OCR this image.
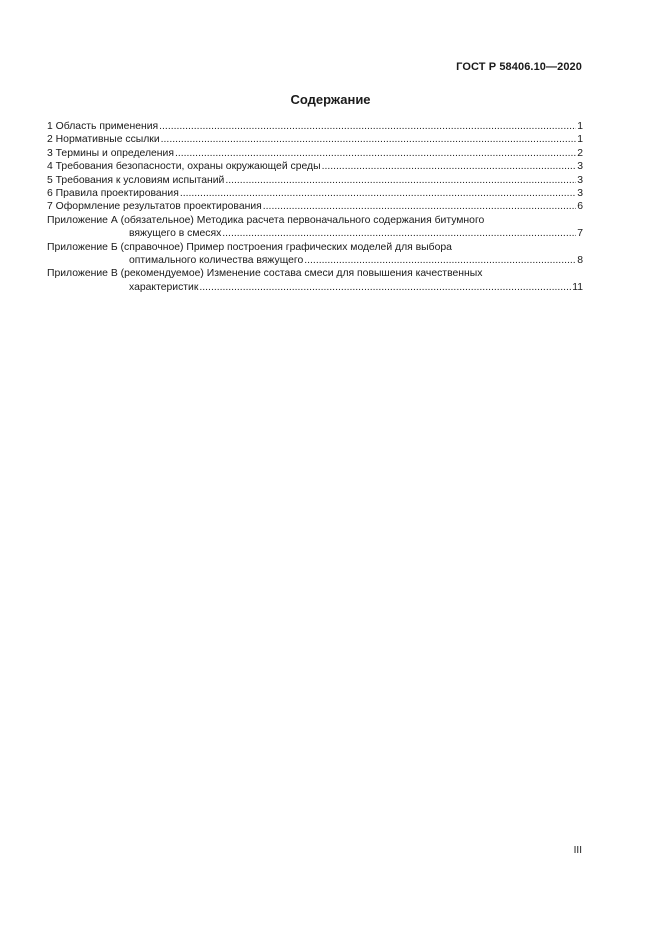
ГОСТ Р 58406.10—2020
Содержание
1 Область применения .....	1
2 Нормативные ссылки .....	1
3 Термины и определения .....	2
4 Требования безопасности, охраны окружающей среды .....	3
5 Требования к условиям испытаний .....	3
6 Правила проектирования .....	3
7 Оформление результатов проектирования .....	6
Приложение А (обязательное) Методика расчета первоначального содержания битумного
вяжущего в смесях .....	7
Приложение Б (справочное) Пример построения графических моделей для выбора
оптимального количества вяжущего .....	8
Приложение В (рекомендуемое) Изменение состава смеси для повышения качественных
характеристик .....	11
III
